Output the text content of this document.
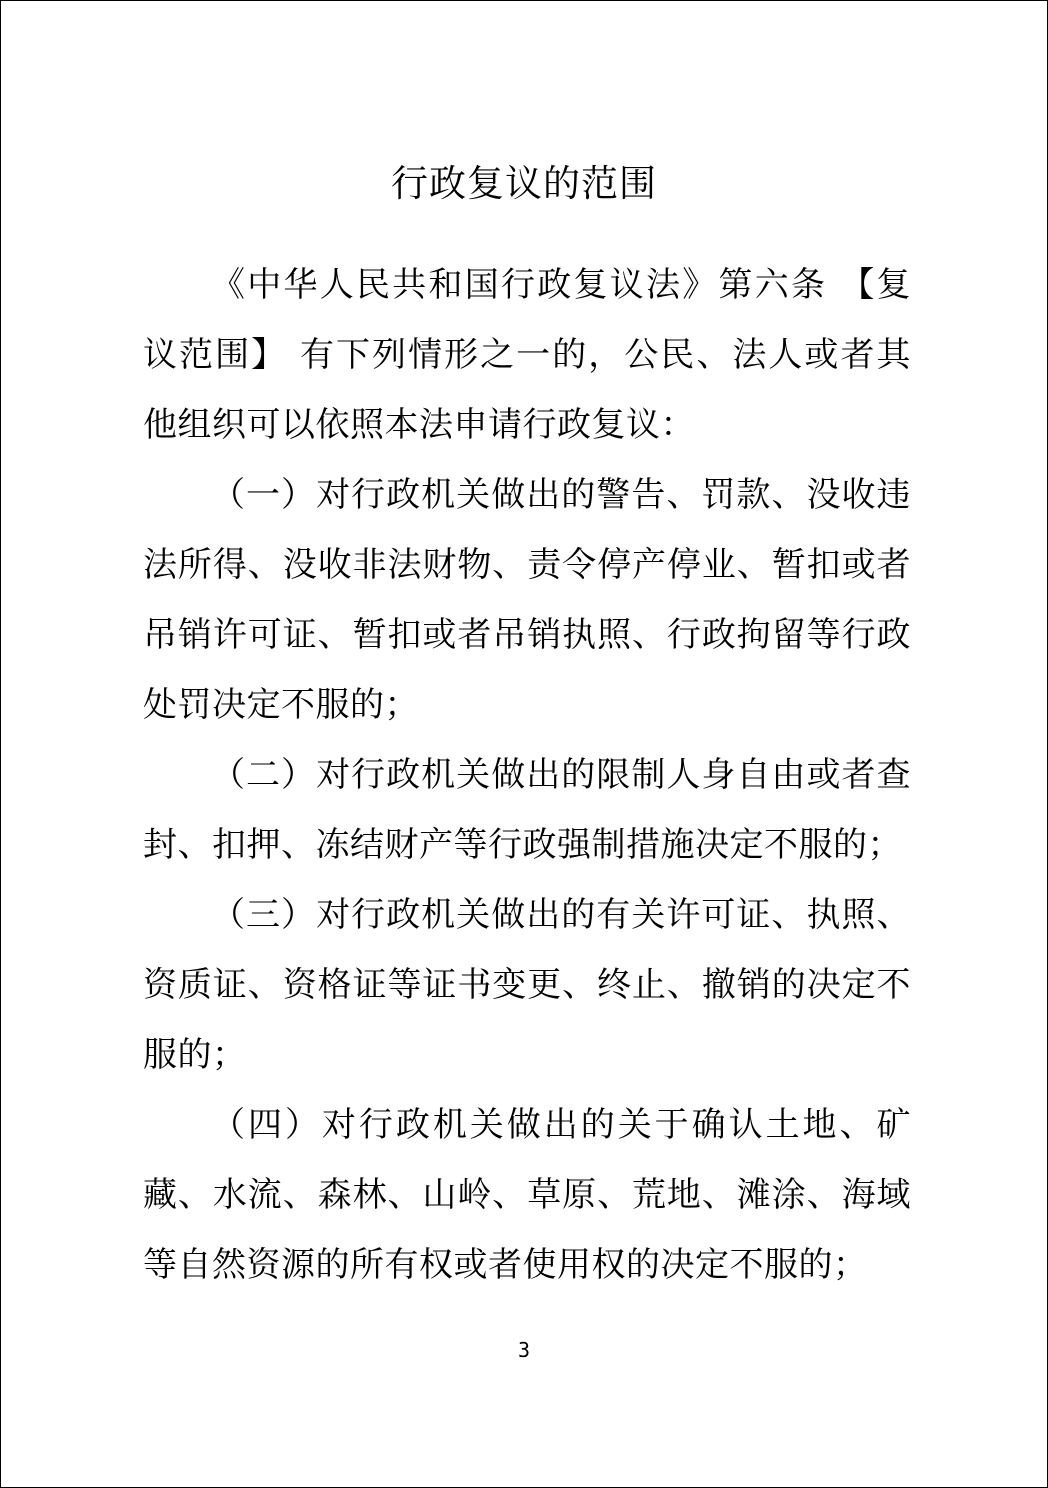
行政复议的范围

《中华人民共和国行政复议法》第六条 【复议范围】 有下列情形之一的，公民、法人或者其他组织可以依照本法申请行政复议：

（一）对行政机关做出的警告、罚款、没收违法所得、没收非法财物、责令停产停业、暂扣或者吊销许可证、暂扣或者吊销执照、行政拘留等行政处罚决定不服的；

（二）对行政机关做出的限制人身自由或者查封、扣押、冻结财产等行政强制措施决定不服的；

（三）对行政机关做出的有关许可证、执照、资质证、资格证等证书变更、终止、撤销的决定不服的；

（四）对行政机关做出的关于确认土地、矿藏、水流、森林、山岭、草原、荒地、滩涂、海域等自然资源的所有权或者使用权的决定不服的；

3
